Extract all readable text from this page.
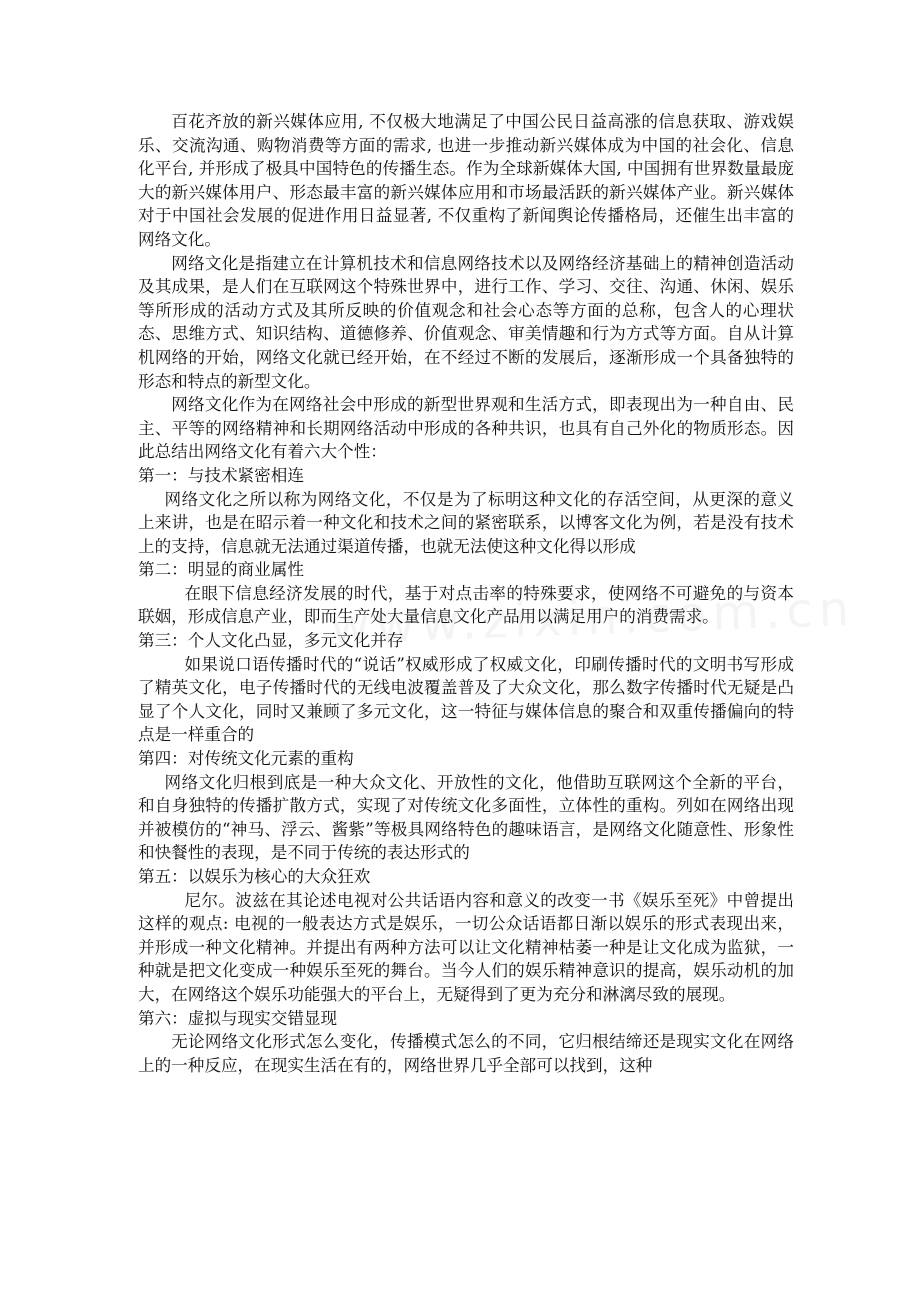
百花齐放的新兴媒体应用, 不仅极大地满足了中国公民日益高涨的信息获取、游戏娱乐、交流沟通、购物消费等方面的需求, 也进一步推动新兴媒体成为中国的社会化、信息化平台, 并形成了极具中国特色的传播生态。作为全球新媒体大国, 中国拥有世界数量最庞大的新兴媒体用户、形态最丰富的新兴媒体应用和市场最活跃的新兴媒体产业。新兴媒体对于中国社会发展的促进作用日益显著, 不仅重构了新闻舆论传播格局，还催生出丰富的网络文化。

网络文化是指建立在计算机技术和信息网络技术以及网络经济基础上的精神创造活动及其成果，是人们在互联网这个特殊世界中，进行工作、学习、交往、沟通、休闲、娱乐等所形成的活动方式及其所反映的价值观念和社会心态等方面的总称，包含人的心理状态、思维方式、知识结构、道德修养、价值观念、审美情趣和行为方式等方面。自从计算机网络的开始，网络文化就已经开始，在不经过不断的发展后，逐渐形成一个具备独特的形态和特点的新型文化。

网络文化作为在网络社会中形成的新型世界观和生活方式，即表现出为一种自由、民主、平等的网络精神和长期网络活动中形成的各种共识，也具有自己外化的物质形态。因此总结出网络文化有着六大个性：

第一：与技术紧密相连

网络文化之所以称为网络文化，不仅是为了标明这种文化的存活空间，从更深的意义上来讲，也是在昭示着一种文化和技术之间的紧密联系，以博客文化为例，若是没有技术上的支持，信息就无法通过渠道传播，也就无法使这种文化得以形成

第二：明显的商业属性

在眼下信息经济发展的时代，基于对点击率的特殊要求，使网络不可避免的与资本联姻，形成信息产业，即而生产处大量信息文化产品用以满足用户的消费需求。

第三：个人文化凸显，多元文化并存

如果说口语传播时代的“说话”权威形成了权威文化，印刷传播时代的文明书写形成了精英文化，电子传播时代的无线电波覆盖普及了大众文化，那么数字传播时代无疑是凸显了个人文化，同时又兼顾了多元文化，这一特征与媒体信息的聚合和双重传播偏向的特点是一样重合的

第四：对传统文化元素的重构

网络文化归根到底是一种大众文化、开放性的文化，他借助互联网这个全新的平台，和自身独特的传播扩散方式，实现了对传统文化多面性，立体性的重构。列如在网络出现并被模仿的“神马、浮云、酱紫”等极具网络特色的趣味语言，是网络文化随意性、形象性和快餐性的表现，是不同于传统的表达形式的

第五：以娱乐为核心的大众狂欢

尼尔。波兹在其论述电视对公共话语内容和意义的改变一书《娱乐至死》中曾提出这样的观点: 电视的一般表达方式是娱乐，一切公众话语都日渐以娱乐的形式表现出来，并形成一种文化精神。并提出有两种方法可以让文化精神枯萎一种是让文化成为监狱，一种就是把文化变成一种娱乐至死的舞台。当今人们的娱乐精神意识的提高，娱乐动机的加大，在网络这个娱乐功能强大的平台上，无疑得到了更为充分和淋漓尽致的展现。

第六：虚拟与现实交错显现

无论网络文化形式怎么变化，传播模式怎么的不同，它归根结缔还是现实文化在网络上的一种反应，在现实生活在有的，网络世界几乎全部可以找到，这种
